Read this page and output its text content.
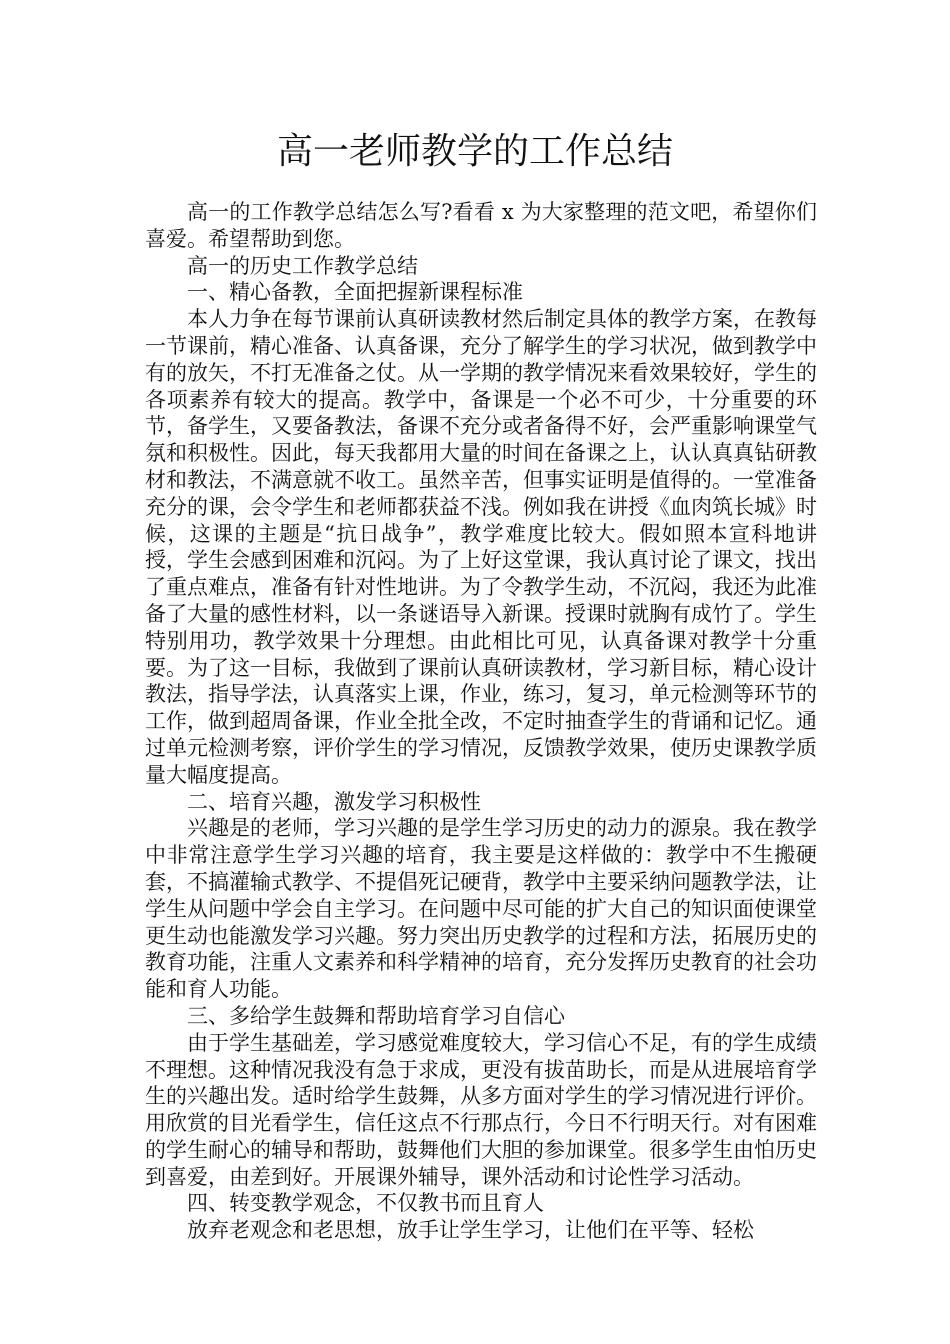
高一老师教学的工作总结

高一的工作教学总结怎么写?看看 x 为大家整理的范文吧，希望你们喜爱。希望帮助到您。

高一的历史工作教学总结

一、精心备教，全面把握新课程标准

本人力争在每节课前认真研读教材然后制定具体的教学方案，在教每一节课前，精心准备、认真备课，充分了解学生的学习状况，做到教学中有的放矢，不打无准备之仗。从一学期的教学情况来看效果较好，学生的各项素养有较大的提高。教学中，备课是一个必不可少，十分重要的环节，备学生，又要备教法，备课不充分或者备得不好，会严重影响课堂气氛和积极性。因此，每天我都用大量的时间在备课之上，认认真真钻研教材和教法，不满意就不收工。虽然辛苦，但事实证明是值得的。一堂准备充分的课，会令学生和老师都获益不浅。例如我在讲授《血肉筑长城》时候，这课的主题是“抗日战争”，教学难度比较大。假如照本宣科地讲授，学生会感到困难和沉闷。为了上好这堂课，我认真讨论了课文，找出了重点难点，准备有针对性地讲。为了令教学生动，不沉闷，我还为此准备了大量的感性材料，以一条谜语导入新课。授课时就胸有成竹了。学生特别用功，教学效果十分理想。由此相比可见，认真备课对教学十分重要。为了这一目标，我做到了课前认真研读教材，学习新目标，精心设计教法，指导学法，认真落实上课，作业，练习，复习，单元检测等环节的工作，做到超周备课，作业全批全改，不定时抽查学生的背诵和记忆。通过单元检测考察，评价学生的学习情况，反馈教学效果，使历史课教学质量大幅度提高。

二、培育兴趣，激发学习积极性

兴趣是的老师，学习兴趣的是学生学习历史的动力的源泉。我在教学中非常注意学生学习兴趣的培育，我主要是这样做的：教学中不生搬硬套，不搞灌输式教学、不提倡死记硬背，教学中主要采纳问题教学法，让学生从问题中学会自主学习。在问题中尽可能的扩大自己的知识面使课堂更生动也能激发学习兴趣。努力突出历史教学的过程和方法，拓展历史的教育功能，注重人文素养和科学精神的培育，充分发挥历史教育的社会功能和育人功能。

三、多给学生鼓舞和帮助培育学习自信心

由于学生基础差，学习感觉难度较大，学习信心不足，有的学生成绩不理想。这种情况我没有急于求成，更没有拔苗助长，而是从进展培育学生的兴趣出发。适时给学生鼓舞，从多方面对学生的学习情况进行评价。用欣赏的目光看学生，信任这点不行那点行，今日不行明天行。对有困难的学生耐心的辅导和帮助，鼓舞他们大胆的参加课堂。很多学生由怕历史到喜爱，由差到好。开展课外辅导，课外活动和讨论性学习活动。

四、转变教学观念，不仅教书而且育人

放弃老观念和老思想，放手让学生学习，让他们在平等、轻松
